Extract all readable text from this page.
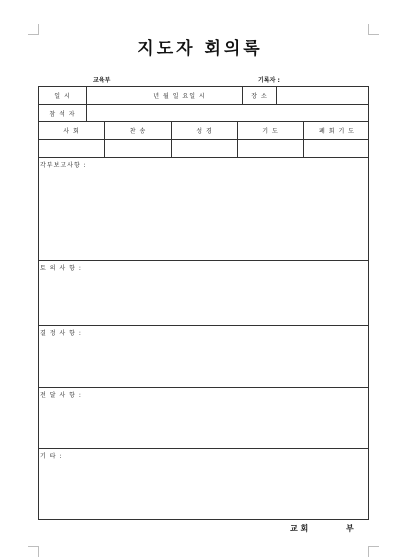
지도자 회의록
교육부	기록자 :
일 시	년 월 일 요일 시	장 소
참 석 자
사 회	찬 송	성 경	기 도	폐 회 기 도
각부보고사항 :
토 의 사 항 :
결 정 사 항 :
전 달 사 항 :
기 타 :
교 회	부
